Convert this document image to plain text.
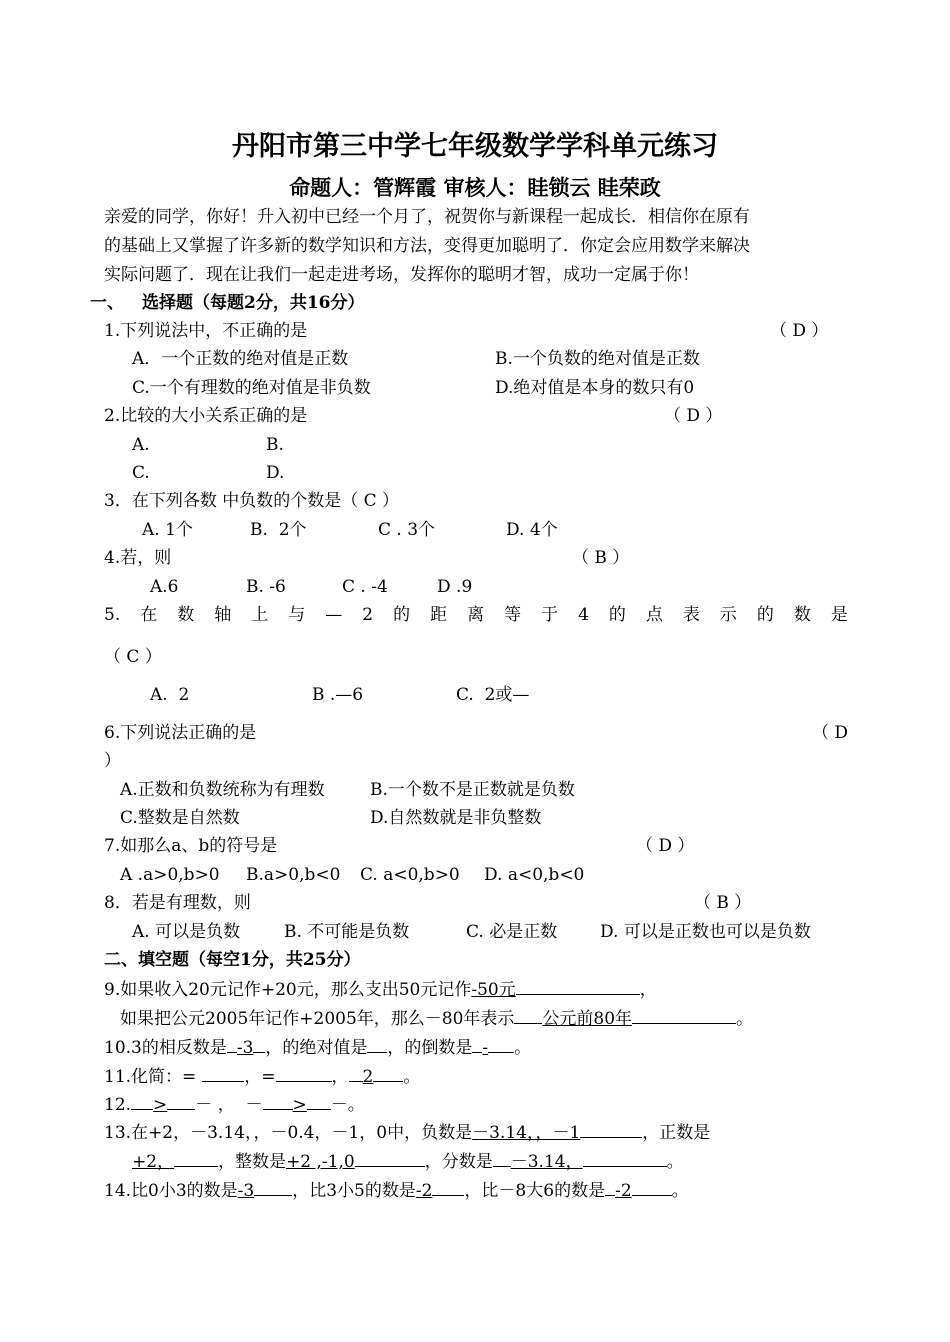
丹阳市第三中学七年级数学学科单元练习
命题人：管辉霞 审核人：眭锁云 眭荣政
亲爱的同学，你好！升入初中已经一个月了，祝贺你与新课程一起成长．相信你在原有
的基础上又掌握了许多新的数学知识和方法，变得更加聪明了．你定会应用数学来解决
实际问题了．现在让我们一起走进考场，发挥你的聪明才智，成功一定属于你！
一、 选择题（每题2分，共16分）
1.下列说法中，不正确的是	（ D ）
A．一个正数的绝对值是正数	B.一个负数的绝对值是正数
C.一个有理数的绝对值是非负数	D.绝对值是本身的数只有0
2.比较的大小关系正确的是	（ D ）
A.	B.
C.	D.
3．在下列各数 中负数的个数是（ C ）
A. 1个	B.  2个	C . 3个	D. 4个
4.若，则	（ B ）
A.6	B. -6	C . -4	D .9
5. 在 数 轴 上 与 — 2 的 距 离 等 于 4 的 点 表 示 的 数 是
（ C ）
A.  2	B .—6	C.  2或—
6.下列说法正确的是	（ D
）
A.正数和负数统称为有理数	B.一个数不是正数就是负数
C.整数是自然数	D.自然数就是非负整数
7.如那么a、b的符号是	（ D ）
A .a>0,b>0 B.a>0,b<0 C. a<0,b>0 D. a<0,b<0
8．若是有理数，则	（ B ）
A. 可以是负数	B. 不可能是负数	C. 必是正数	D. 可以是正数也可以是负数
二、填空题（每空1分，共25分）
9.如果收入20元记作+20元，那么支出50元记作-50元	，
如果把公元2005年记作+2005年，那么－80年表示 公元前80年	。
10.3的相反数是 -3 ，的绝对值是 ，的倒数是 - 。
11.化简：=	，=	， 2 。
12. > － ，  － > －。
13.在+2，－3.14，，－0.4，－1，0中，负数是－3.14，，－1	，正数是
+2，	，整数是+2 ,-1,0	，分数是 －3.14，	。
14.比0小3的数是-3 ，比3小5的数是-2 ，比－8大6的数是 -2 。
